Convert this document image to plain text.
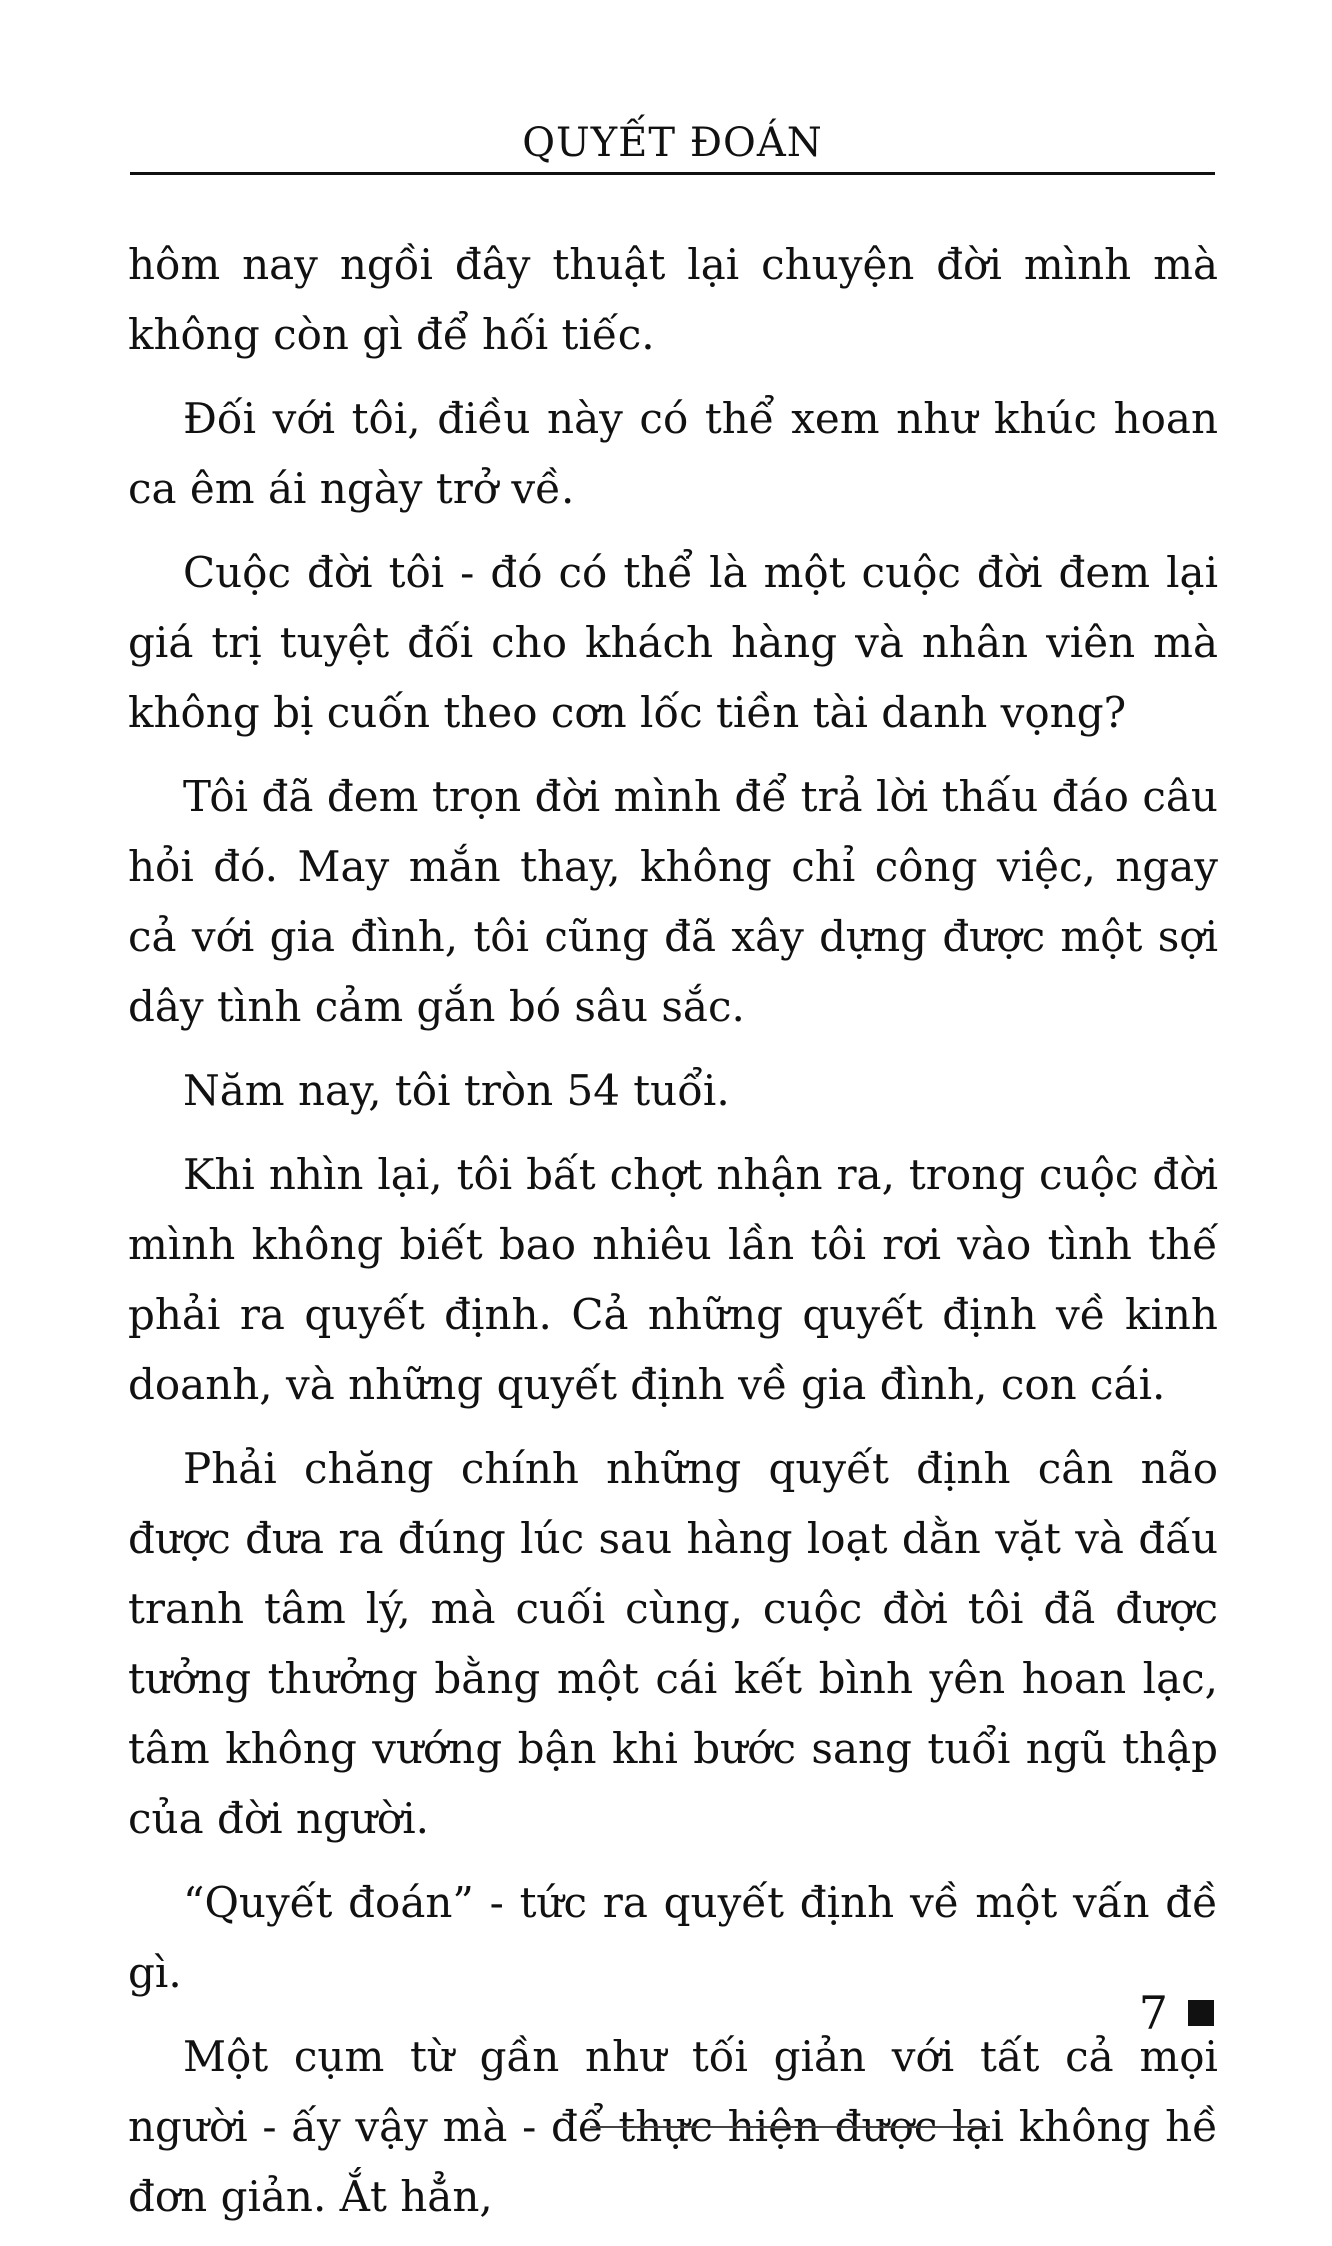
QUYẾT ĐOÁN

hôm nay ngồi đây thuật lại chuyện đời mình mà không còn gì để hối tiếc.

Đối với tôi, điều này có thể xem như khúc hoan ca êm ái ngày trở về.

Cuộc đời tôi - đó có thể là một cuộc đời đem lại giá trị tuyệt đối cho khách hàng và nhân viên mà không bị cuốn theo cơn lốc tiền tài danh vọng?

Tôi đã đem trọn đời mình để trả lời thấu đáo câu hỏi đó. May mắn thay, không chỉ công việc, ngay cả với gia đình, tôi cũng đã xây dựng được một sợi dây tình cảm gắn bó sâu sắc.

Năm nay, tôi tròn 54 tuổi.

Khi nhìn lại, tôi bất chợt nhận ra, trong cuộc đời mình không biết bao nhiêu lần tôi rơi vào tình thế phải ra quyết định. Cả những quyết định về kinh doanh, và những quyết định về gia đình, con cái.

Phải chăng chính những quyết định cân não được đưa ra đúng lúc sau hàng loạt dằn vặt và đấu tranh tâm lý, mà cuối cùng, cuộc đời tôi đã được tưởng thưởng bằng một cái kết bình yên hoan lạc, tâm không vướng bận khi bước sang tuổi ngũ thập của đời người.

“Quyết đoán” - tức ra quyết định về một vấn đề gì.

Một cụm từ gần như tối giản với tất cả mọi người - ấy vậy mà - để thực hiện được lại không hề đơn giản. Ắt hẳn,

7
